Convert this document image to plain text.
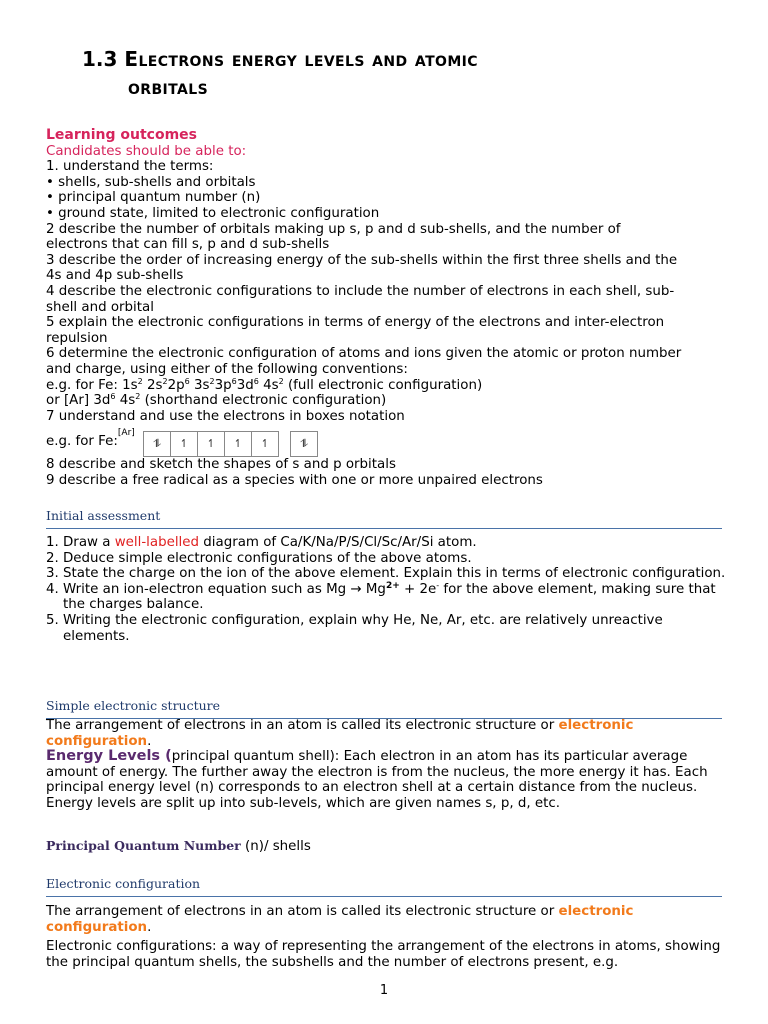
1.3 Electrons energy levels and atomic
orbitals
Learning outcomes
Candidates should be able to:
1. understand the terms:
• shells, sub-shells and orbitals
• principal quantum number (n)
• ground state, limited to electronic configuration
2 describe the number of orbitals making up s, p and d sub-shells, and the number of
electrons that can fill s, p and d sub-shells
3 describe the order of increasing energy of the sub-shells within the first three shells and the
4s and 4p sub-shells
4 describe the electronic configurations to include the number of electrons in each shell, sub-
shell and orbital
5 explain the electronic configurations in terms of energy of the electrons and inter-electron
repulsion
6 determine the electronic configuration of atoms and ions given the atomic or proton number
and charge, using either of the following conventions:
e.g. for Fe: $1s^2$ $2s^22p^6$ $3s^23p^63d^6$ $4s^2$ (full electronic configuration)
or [Ar] $3d^6$ $4s^2$ (shorthand electronic configuration)
7 understand and use the electrons in boxes notation
e.g. for Fe:[Ar]
⥮	↿	↿	↿	↿	⥮
8 describe and sketch the shapes of s and p orbitals
9 describe a free radical as a species with one or more unpaired electrons
Initial assessment
1. Draw a well-labelled diagram of Ca/K/Na/P/S/Cl/Sc/Ar/Si atom.
2. Deduce simple electronic configurations of the above atoms.
3. State the charge on the ion of the above element. Explain this in terms of electronic configuration.
4. Write an ion-electron equation such as $Mg \to Mg^{2+} + 2e^-$ for the above element, making sure that the charges balance.
5. Writing the electronic configuration, explain why He, Ne, Ar, etc. are relatively unreactive elements.
Simple electronic structure
The arrangement of electrons in an atom is called its electronic structure or electronic configuration.
Energy Levels (principal quantum shell): Each electron in an atom has its particular average amount of energy. The further away the electron is from the nucleus, the more energy it has. Each principal energy level (n) corresponds to an electron shell at a certain distance from the nucleus. Energy levels are split up into sub-levels, which are given names s, p, d, etc.
Principal Quantum Number (n)/ shells
Electronic configuration
The arrangement of electrons in an atom is called its electronic structure or electronic configuration.
Electronic configurations: a way of representing the arrangement of the electrons in atoms, showing the principal quantum shells, the subshells and the number of electrons present, e.g.
1
